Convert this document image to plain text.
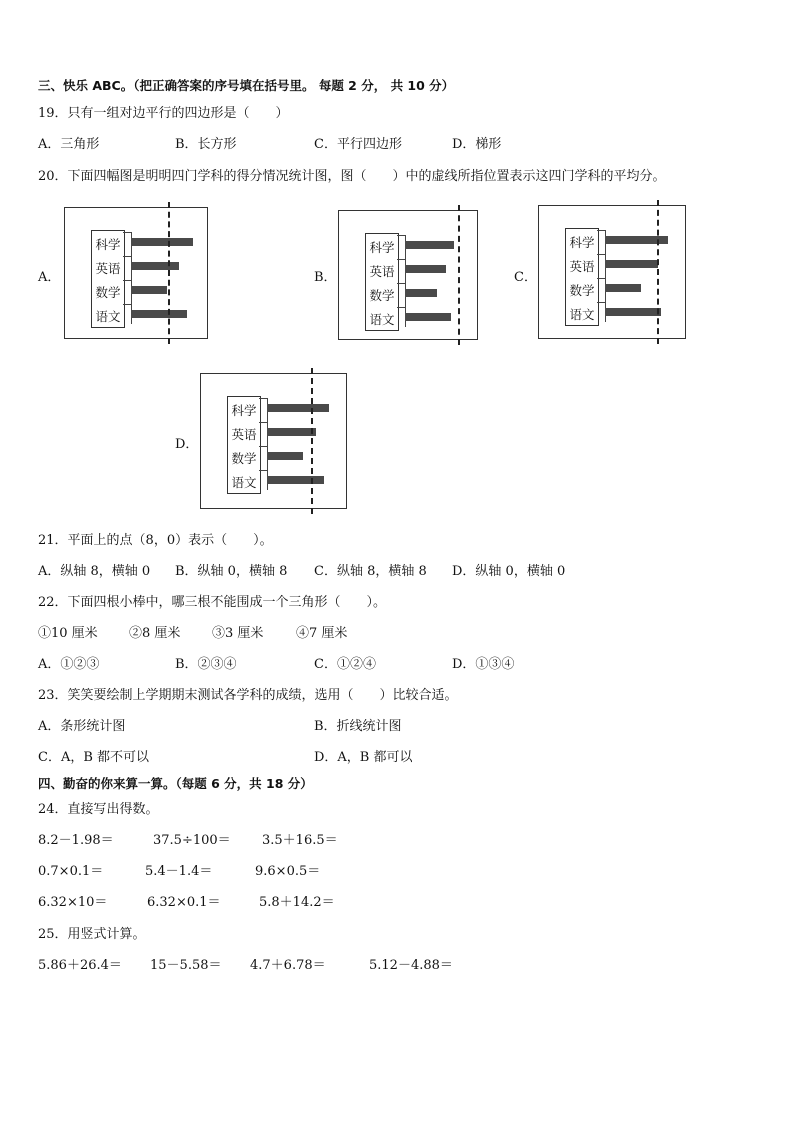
三、快乐 ABC。（把正确答案的序号填在括号里。 每题 2 分， 共 10 分）
19．只有一组对边平行的四边形是（　　）
A．三角形	B．长方形	C．平行四边形	D．梯形
20．下面四幅图是明明四门学科的得分情况统计图，图（　　）中的虚线所指位置表示这四门学科的平均分。
A．	B．	C．
D．
科学
英语
数学
语文
科学
英语
数学
语文
科学
英语
数学
语文
科学
英语
数学
语文
21．平面上的点（8，0）表示（　　）。
A．纵轴 8，横轴 0 B．纵轴 0，横轴 8 C．纵轴 8，横轴 8 D．纵轴 0，横轴 0
22．下面四根小棒中，哪三根不能围成一个三角形（　　）。
①10 厘米 ②8 厘米 ③3 厘米	④7 厘米
A．①②③	B．②③④	C．①②④	D．①③④
23．笑笑要绘制上学期期末测试各学科的成绩，选用（　　）比较合适。
A．条形统计图	B．折线统计图
C．A，B 都不可以	D．A，B 都可以
四、勤奋的你来算一算。（每题 6 分，共 18 分）
24．直接写出得数。
8.2－1.98＝	37.5÷100＝ 3.5＋16.5＝
0.7×0.1＝	5.4－1.4＝	9.6×0.5＝
6.32×10＝	6.32×0.1＝	5.8＋14.2＝
25．用竖式计算。
5.86＋26.4＝ 15－5.58＝ 4.7＋6.78＝	5.12－4.88＝
